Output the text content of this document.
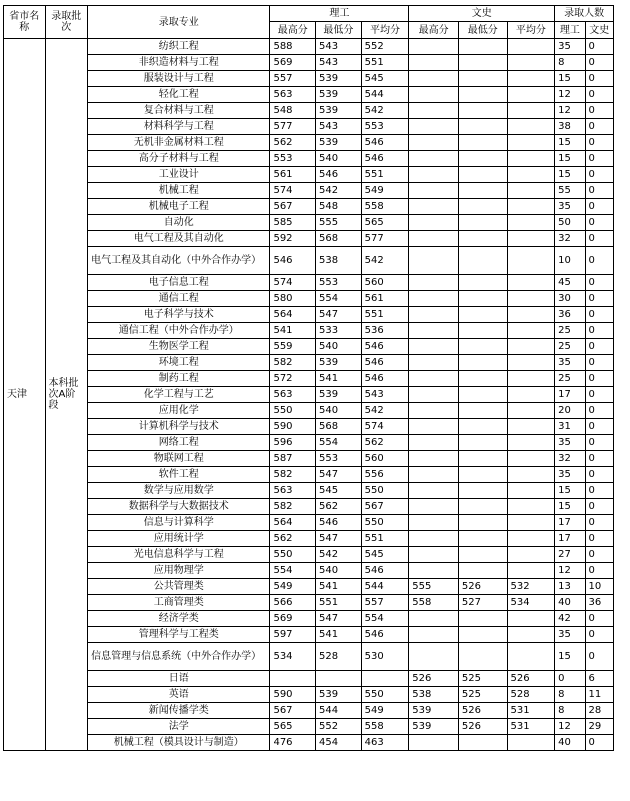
省市名称	录取批次	录取专业	理工			文史			录取人数	
			最高分	最低分	平均分	最高分	最低分	平均分	理工	文史
天津	本科批次A阶段	纺织工程	588	543	552				35	0
		非织造材料与工程	569	543	551				8	0
		服装设计与工程	557	539	545				15	0
		轻化工程	563	539	544				12	0
		复合材料与工程	548	539	542				12	0
		材料科学与工程	577	543	553				38	0
		无机非金属材料工程	562	539	546				15	0
		高分子材料与工程	553	540	546				15	0
		工业设计	561	546	551				15	0
		机械工程	574	542	549				55	0
		机械电子工程	567	548	558				35	0
		自动化	585	555	565				50	0
		电气工程及其自动化	592	568	577				32	0
		电气工程及其自动化（中外合作办学）	546	538	542				10	0
		电子信息工程	574	553	560				45	0
		通信工程	580	554	561				30	0
		电子科学与技术	564	547	551				36	0
		通信工程（中外合作办学）	541	533	536				25	0
		生物医学工程	559	540	546				25	0
		环境工程	582	539	546				35	0
		制药工程	572	541	546				25	0
		化学工程与工艺	563	539	543				17	0
		应用化学	550	540	542				20	0
		计算机科学与技术	590	568	574				31	0
		网络工程	596	554	562				35	0
		物联网工程	587	553	560				32	0
		软件工程	582	547	556				35	0
		数学与应用数学	563	545	550				15	0
		数据科学与大数据技术	582	562	567				15	0
		信息与计算科学	564	546	550				17	0
		应用统计学	562	547	551				17	0
		光电信息科学与工程	550	542	545				27	0
		应用物理学	554	540	546				12	0
		公共管理类	549	541	544	555	526	532	13	10
		工商管理类	566	551	557	558	527	534	40	36
		经济学类	569	547	554				42	0
		管理科学与工程类	597	541	546				35	0
		信息管理与信息系统（中外合作办学）	534	528	530				15	0
		日语				526	525	526	0	6
		英语	590	539	550	538	525	528	8	11
		新闻传播学类	567	544	549	539	526	531	8	28
		法学	565	552	558	539	526	531	12	29
		机械工程（模具设计与制造）	476	454	463				40	0
